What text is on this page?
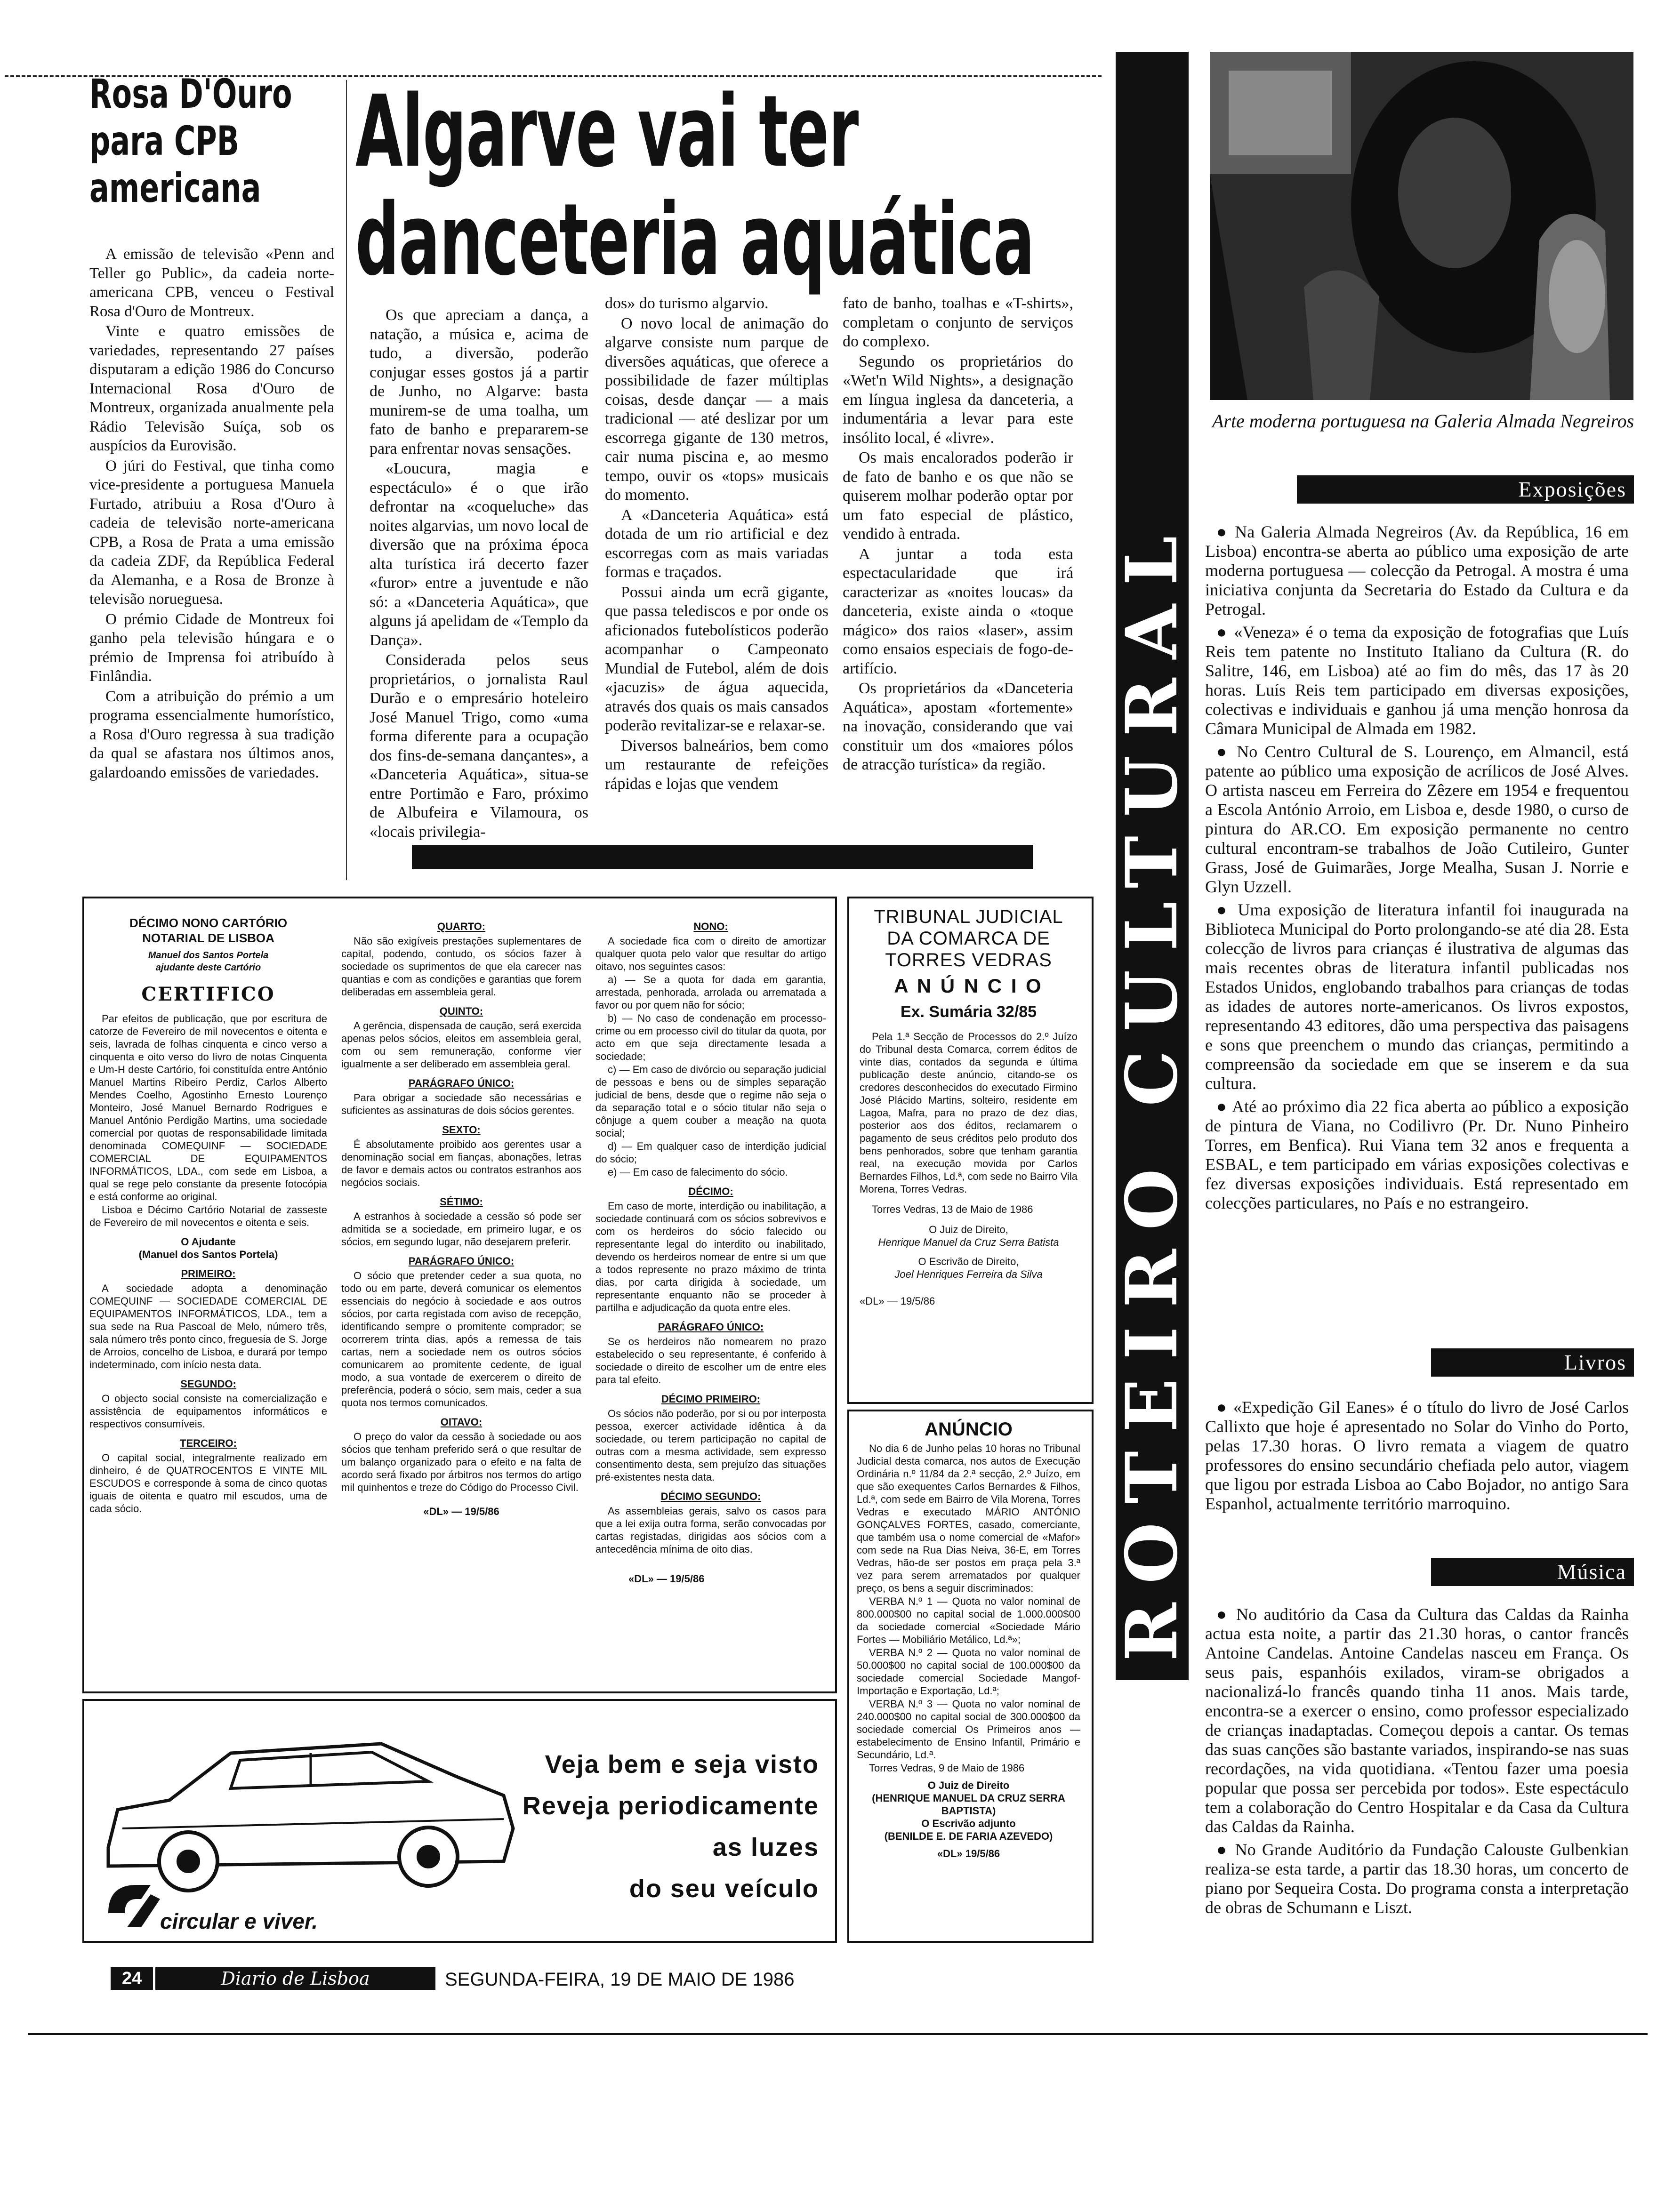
Rosa D'Ouro
para CPB
americana

A emissão de televisão «Penn and Teller go Public», da cadeia norte-americana CPB, venceu o Festival Rosa d'Ouro de Montreux.

Vinte e quatro emissões de variedades, representando 27 países disputaram a edição 1986 do Concurso Internacional Rosa d'Ouro de Montreux, organizada anualmente pela Rádio Televisão Suíça, sob os auspícios da Eurovisão.

O júri do Festival, que tinha como vice-presidente a portuguesa Manuela Furtado, atribuiu a Rosa d'Ouro à cadeia de televisão norte-americana CPB, a Rosa de Prata a uma emissão da cadeia ZDF, da República Federal da Alemanha, e a Rosa de Bronze à televisão norueguesa.

O prémio Cidade de Montreux foi ganho pela televisão húngara e o prémio de Imprensa foi atribuído à Finlândia.

Com a atribuição do prémio a um programa essencialmente humorístico, a Rosa d'Ouro regressa à sua tradição da qual se afastara nos últimos anos, galardoando emissões de variedades.

Algarve vai ter
danceteria aquática

Os que apreciam a dança, a natação, a música e, acima de tudo, a diversão, poderão conjugar esses gostos já a partir de Junho, no Algarve: basta munirem-se de uma toalha, um fato de banho e prepararem-se para enfrentar novas sensações.

«Loucura, magia e espectáculo» é o que irão defrontar na «coqueluche» das noites algarvias, um novo local de diversão que na próxima época alta turística irá decerto fazer «furor» entre a juventude e não só: a «Danceteria Aquática», que alguns já apelidam de «Templo da Dança».

Considerada pelos seus proprietários, o jornalista Raul Durão e o empresário hoteleiro José Manuel Trigo, como «uma forma diferente para a ocupação dos fins-de-semana dançantes», a «Danceteria Aquática», situa-se entre Portimão e Faro, próximo de Albufeira e Vilamoura, os «locais privilegia-

dos» do turismo algarvio.

O novo local de animação do algarve consiste num parque de diversões aquáticas, que oferece a possibilidade de fazer múltiplas coisas, desde dançar — a mais tradicional — até deslizar por um escorrega gigante de 130 metros, cair numa piscina e, ao mesmo tempo, ouvir os «tops» musicais do momento.

A «Danceteria Aquática» está dotada de um rio artificial e dez escorregas com as mais variadas formas e traçados.

Possui ainda um ecrã gigante, que passa telediscos e por onde os aficionados futebolísticos poderão acompanhar o Campeonato Mundial de Futebol, além de dois «jacuzis» de água aquecida, através dos quais os mais cansados poderão revitalizar-se e relaxar-se.

Diversos balneários, bem como um restaurante de refeições rápidas e lojas que vendem

fato de banho, toalhas e «T-shirts», completam o conjunto de serviços do complexo.

Segundo os proprietários do «Wet'n Wild Nights», a designação em língua inglesa da danceteria, a indumentária a levar para este insólito local, é «livre».

Os mais encalorados poderão ir de fato de banho e os que não se quiserem molhar poderão optar por um fato especial de plástico, vendido à entrada.

A juntar a toda esta espectacularidade que irá caracterizar as «noites loucas» da danceteria, existe ainda o «toque mágico» dos raios «laser», assim como ensaios especiais de fogo-de-artifício.

Os proprietários da «Danceteria Aquática», apostam «fortemente» na inovação, considerando que vai constituir um dos «maiores pólos de atracção turística» da região.

DÉCIMO NONO CARTÓRIO
NOTARIAL DE LISBOA
Manuel dos Santos Portela
ajudante deste Cartório
CERTIFICO

Par efeitos de publicação, que por escritura de catorze de Fevereiro de mil novecentos e oitenta e seis, lavrada de folhas cinquenta e cinco verso a cinquenta e oito verso do livro de notas Cinquenta e Um-H deste Cartório, foi constituída entre António Manuel Martins Ribeiro Perdiz, Carlos Alberto Mendes Coelho, Agostinho Ernesto Lourenço Monteiro, José Manuel Bernardo Rodrigues e Manuel António Perdigão Martins, uma sociedade comercial por quotas de responsabilidade limitada denominada COMEQUINF — SOCIEDADE COMERCIAL DE EQUIPAMENTOS INFORMÁTICOS, LDA., com sede em Lisboa, a qual se rege pelo constante da presente fotocópia e está conforme ao original.

Lisboa e Décimo Cartório Notarial de zasseste de Fevereiro de mil novecentos e oitenta e seis.

O Ajudante
(Manuel dos Santos Portela)
PRIMEIRO:

A sociedade adopta a denominação COMEQUINF — SOCIEDADE COMERCIAL DE EQUIPAMENTOS INFORMÁTICOS, LDA., tem a sua sede na Rua Pascoal de Melo, número três, sala número três ponto cinco, freguesia de S. Jorge de Arroios, concelho de Lisboa, e durará por tempo indeterminado, com início nesta data.

SEGUNDO:

O objecto social consiste na comercialização e assistência de equipamentos informáticos e respectivos consumíveis.

TERCEIRO:

O capital social, integralmente realizado em dinheiro, é de QUATROCENTOS E VINTE MIL ESCUDOS e corresponde à soma de cinco quotas iguais de oitenta e quatro mil escudos, uma de cada sócio.

QUARTO:

Não são exigíveis prestações suplementares de capital, podendo, contudo, os sócios fazer à sociedade os suprimentos de que ela carecer nas quantias e com as condições e garantias que forem deliberadas em assembleia geral.

QUINTO:

A gerência, dispensada de caução, será exercida apenas pelos sócios, eleitos em assembleia geral, com ou sem remuneração, conforme vier igualmente a ser deliberado em assembleia geral.

PARÁGRAFO ÚNICO:

Para obrigar a sociedade são necessárias e suficientes as assinaturas de dois sócios gerentes.

SEXTO:

É absolutamente proibido aos gerentes usar a denominação social em fianças, abonações, letras de favor e demais actos ou contratos estranhos aos negócios sociais.

SÉTIMO:

A estranhos à sociedade a cessão só pode ser admitida se a sociedade, em primeiro lugar, e os sócios, em segundo lugar, não desejarem preferir.

PARÁGRAFO ÚNICO:

O sócio que pretender ceder a sua quota, no todo ou em parte, deverá comunicar os elementos essenciais do negócio à sociedade e aos outros sócios, por carta registada com aviso de recepção, identificando sempre o promitente comprador; se ocorrerem trinta dias, após a remessa de tais cartas, nem a sociedade nem os outros sócios comunicarem ao promitente cedente, de igual modo, a sua vontade de exercerem o direito de preferência, poderá o sócio, sem mais, ceder a sua quota nos termos comunicados.

OITAVO:

O preço do valor da cessão à sociedade ou aos sócios que tenham preferido será o que resultar de um balanço organizado para o efeito e na falta de acordo será fixado por árbitros nos termos do artigo mil quinhentos e treze do Código do Processo Civil.

«DL» — 19/5/86
NONO:

A sociedade fica com o direito de amortizar qualquer quota pelo valor que resultar do artigo oitavo, nos seguintes casos:

a) — Se a quota for dada em garantia, arrestada, penhorada, arrolada ou arrematada a favor ou por quem não for sócio;

b) — No caso de condenação em processo-crime ou em processo civil do titular da quota, por acto em que seja directamente lesada a sociedade;

c) — Em caso de divórcio ou separação judicial de pessoas e bens ou de simples separação judicial de bens, desde que o regime não seja o da separação total e o sócio titular não seja o cônjuge a quem couber a meação na quota social;

d) — Em qualquer caso de interdição judicial do sócio;

e) — Em caso de falecimento do sócio.

DÉCIMO:

Em caso de morte, interdição ou inabilitação, a sociedade continuará com os sócios sobrevivos e com os herdeiros do sócio falecido ou representante legal do interdito ou inabilitado, devendo os herdeiros nomear de entre si um que a todos represente no prazo máximo de trinta dias, por carta dirigida à sociedade, um representante enquanto não se proceder à partilha e adjudicação da quota entre eles.

PARÁGRAFO ÚNICO:

Se os herdeiros não nomearem no prazo estabelecido o seu representante, é conferido à sociedade o direito de escolher um de entre eles para tal efeito.

DÉCIMO PRIMEIRO:

Os sócios não poderão, por si ou por interposta pessoa, exercer actividade idêntica à da sociedade, ou terem participação no capital de outras com a mesma actividade, sem expresso consentimento desta, sem prejuízo das situações pré-existentes nesta data.

DÉCIMO SEGUNDO:

As assembleias gerais, salvo os casos para que a lei exija outra forma, serão convocadas por cartas registadas, dirigidas aos sócios com a antecedência mínima de oito dias.

«DL» — 19/5/86
circular e viver.
Veja bem e seja visto
Reveja periodicamente as luzes
do seu veículo
TRIBUNAL JUDICIAL
DA COMARCA DE
TORRES VEDRAS
A N Ú N C I O
Ex. Sumária 32/85

Pela 1.ª Secção de Processos do 2.º Juízo do Tribunal desta Comarca, correm éditos de vinte dias, contados da segunda e última publicação deste anúncio, citando-se os credores desconhecidos do executado Firmino José Plácido Martins, solteiro, residente em Lagoa, Mafra, para no prazo de dez dias, posterior aos dos éditos, reclamarem o pagamento de seus créditos pelo produto dos bens penhorados, sobre que tenham garantia real, na execução movida por Carlos Bernardes Filhos, Ld.ª, com sede no Bairro Vila Morena, Torres Vedras.

Torres Vedras, 13 de Maio de 1986

O Juiz de Direito,
Henrique Manuel da Cruz Serra Batista
O Escrivão de Direito,
Joel Henriques Ferreira da Silva
«DL» — 19/5/86
ANÚNCIO

No dia 6 de Junho pelas 10 horas no Tribunal Judicial desta comarca, nos autos de Execução Ordinária n.º 11/84 da 2.ª secção, 2.º Juízo, em que são exequentes Carlos Bernardes & Filhos, Ld.ª, com sede em Bairro de Vila Morena, Torres Vedras e executado MÁRIO ANTÓNIO GONÇALVES FORTES, casado, comerciante, que também usa o nome comercial de «Mafor» com sede na Rua Dias Neiva, 36-E, em Torres Vedras, hão-de ser postos em praça pela 3.ª vez para serem arrematados por qualquer preço, os bens a seguir discriminados:

VERBA N.º 1 — Quota no valor nominal de 800.000$00 no capital social de 1.000.000$00 da sociedade comercial «Sociedade Mário Fortes — Mobiliário Metálico, Ld.ª»;

VERBA N.º 2 — Quota no valor nominal de 50.000$00 no capital social de 100.000$00 da sociedade comercial Sociedade Mangof-Importação e Exportação, Ld.ª;

VERBA N.º 3 — Quota no valor nominal de 240.000$00 no capital social de 300.000$00 da sociedade comercial Os Primeiros anos — estabelecimento de Ensino Infantil, Primário e Secundário, Ld.ª.

Torres Vedras, 9 de Maio de 1986

O Juiz de Direito
(HENRIQUE MANUEL DA CRUZ SERRA BAPTISTA)
O Escrivão adjunto
(BENILDE E. DE FARIA AZEVEDO)
«DL» 19/5/86
24	Diario de Lisboa	SEGUNDA-FEIRA, 19 DE MAIO DE 1986
ROTEIRO CULTURAL
Arte moderna portuguesa na Galeria Almada Negreiros
Exposições

● Na Galeria Almada Negreiros (Av. da República, 16 em Lisboa) encontra-se aberta ao público uma exposição de arte moderna portuguesa — colecção da Petrogal. A mostra é uma iniciativa conjunta da Secretaria do Estado da Cultura e da Petrogal.

● «Veneza» é o tema da exposição de fotografias que Luís Reis tem patente no Instituto Italiano da Cultura (R. do Salitre, 146, em Lisboa) até ao fim do mês, das 17 às 20 horas. Luís Reis tem participado em diversas exposições, colectivas e individuais e ganhou já uma menção honrosa da Câmara Municipal de Almada em 1982.

● No Centro Cultural de S. Lourenço, em Almancil, está patente ao público uma exposição de acrílicos de José Alves. O artista nasceu em Ferreira do Zêzere em 1954 e frequentou a Escola António Arroio, em Lisboa e, desde 1980, o curso de pintura do AR.CO. Em exposição permanente no centro cultural encontram-se trabalhos de João Cutileiro, Gunter Grass, José de Guimarães, Jorge Mealha, Susan J. Norrie e Glyn Uzzell.

● Uma exposição de literatura infantil foi inaugurada na Biblioteca Municipal do Porto prolongando-se até dia 28. Esta colecção de livros para crianças é ilustrativa de algumas das mais recentes obras de literatura infantil publicadas nos Estados Unidos, englobando trabalhos para crianças de todas as idades de autores norte-americanos. Os livros expostos, representando 43 editores, dão uma perspectiva das paisagens e sons que preenchem o mundo das crianças, permitindo a compreensão da sociedade em que se inserem e da sua cultura.

● Até ao próximo dia 22 fica aberta ao público a exposição de pintura de Viana, no Codilivro (Pr. Dr. Nuno Pinheiro Torres, em Benfica). Rui Viana tem 32 anos e frequenta a ESBAL, e tem participado em várias exposições colectivas e fez diversas exposições individuais. Está representado em colecções particulares, no País e no estrangeiro.

Livros

● «Expedição Gil Eanes» é o título do livro de José Carlos Callixto que hoje é apresentado no Solar do Vinho do Porto, pelas 17.30 horas. O livro remata a viagem de quatro professores do ensino secundário chefiada pelo autor, viagem que ligou por estrada Lisboa ao Cabo Bojador, no antigo Sara Espanhol, actualmente território marroquino.

Música

● No auditório da Casa da Cultura das Caldas da Rainha actua esta noite, a partir das 21.30 horas, o cantor francês Antoine Candelas. Antoine Candelas nasceu em França. Os seus pais, espanhóis exilados, viram-se obrigados a nacionalizá-lo francês quando tinha 11 anos. Mais tarde, encontra-se a exercer o ensino, como professor especializado de crianças inadaptadas. Começou depois a cantar. Os temas das suas canções são bastante variados, inspirando-se nas suas recordações, na vida quotidiana. «Tentou fazer uma poesia popular que possa ser percebida por todos». Este espectáculo tem a colaboração do Centro Hospitalar e da Casa da Cultura das Caldas da Rainha.

● No Grande Auditório da Fundação Calouste Gulbenkian realiza-se esta tarde, a partir das 18.30 horas, um concerto de piano por Sequeira Costa. Do programa consta a interpretação de obras de Schumann e Liszt.
